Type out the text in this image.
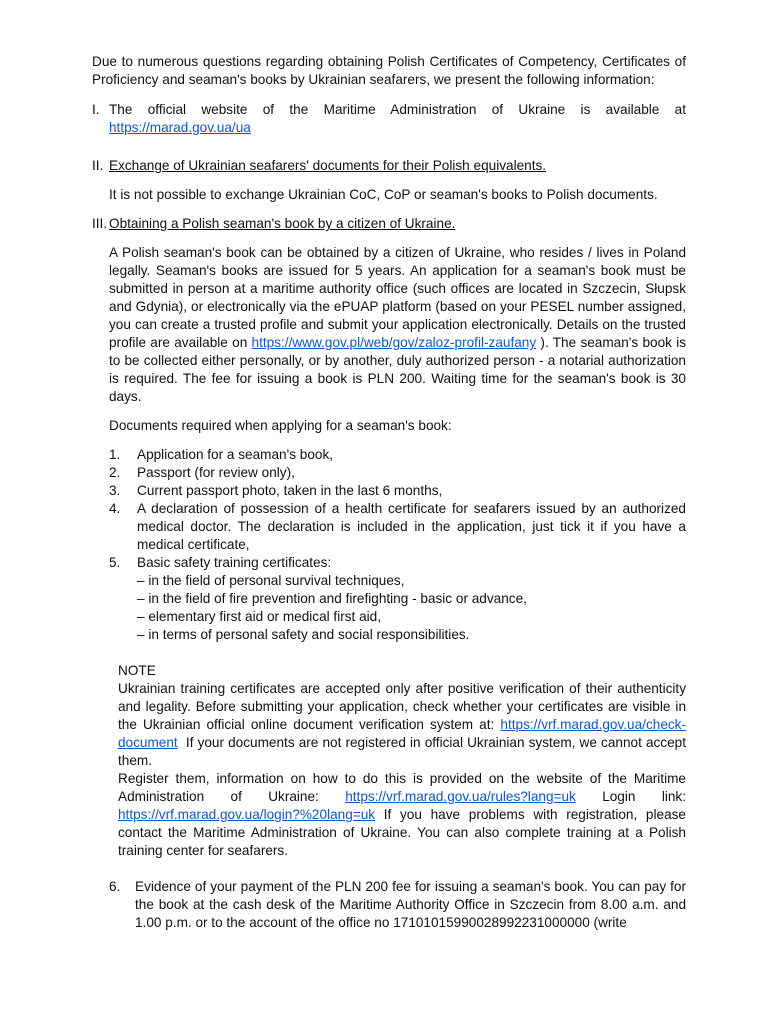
Due to numerous questions regarding obtaining Polish Certificates of Competency, Certificates of Proficiency and seaman's books by Ukrainian seafarers, we present the following information:

I. The official website of the Maritime Administration of Ukraine is available at

https://marad.gov.ua/ua
II. Exchange of Ukrainian seafarers' documents for their Polish equivalents.

It is not possible to exchange Ukrainian CoC, CoP or seaman's books to Polish documents.

III. Obtaining a Polish seaman's book by a citizen of Ukraine.

A Polish seaman's book can be obtained by a citizen of Ukraine, who resides / lives in Poland legally. Seaman's books are issued for 5 years. An application for a seaman's book must be submitted in person at a maritime authority office (such offices are located in Szczecin, Słupsk and Gdynia), or electronically via the ePUAP platform (based on your PESEL number assigned, you can create a trusted profile and submit your application electronically. Details on the trusted profile are available on https://www.gov.pl/web/gov/zaloz-profil-zaufany ). The seaman's book is to be collected either personally, or by another, duly authorized person - a notarial authorization is required. The fee for issuing a book is PLN 200. Waiting time for the seaman's book is 30 days.

Documents required when applying for a seaman's book:

1.	Application for a seaman's book,
2.	Passport (for review only),
3.	Current passport photo, taken in the last 6 months,
4.	A declaration of possession of a health certificate for seafarers issued by an authorized medical doctor. The declaration is included in the application, just tick it if you have a medical certificate,
5.	Basic safety training certificates:
– in the field of personal survival techniques,
– in the field of fire prevention and firefighting - basic or advance,
– elementary first aid or medical first aid,
– in terms of personal safety and social responsibilities.

NOTE

Ukrainian training certificates are accepted only after positive verification of their authenticity and legality. Before submitting your application, check whether your certificates are visible in the Ukrainian official online document verification system at: https://vrf.marad.gov.ua/check-document If your documents are not registered in official Ukrainian system, we cannot accept them.

Register them, information on how to do this is provided on the website of the Maritime Administration of Ukraine: https://vrf.marad.gov.ua/rules?lang=uk Login link: https://vrf.marad.gov.ua/login?%20lang=uk If you have problems with registration, please contact the Maritime Administration of Ukraine. You can also complete training at a Polish training center for seafarers.

6.	Evidence of your payment of the PLN 200 fee for issuing a seaman's book. You can pay for the book at the cash desk of the Maritime Authority Office in Szczecin from 8.00 a.m. and 1.00 p.m. or to the account of the office no 17101015990028992231000000 (write
